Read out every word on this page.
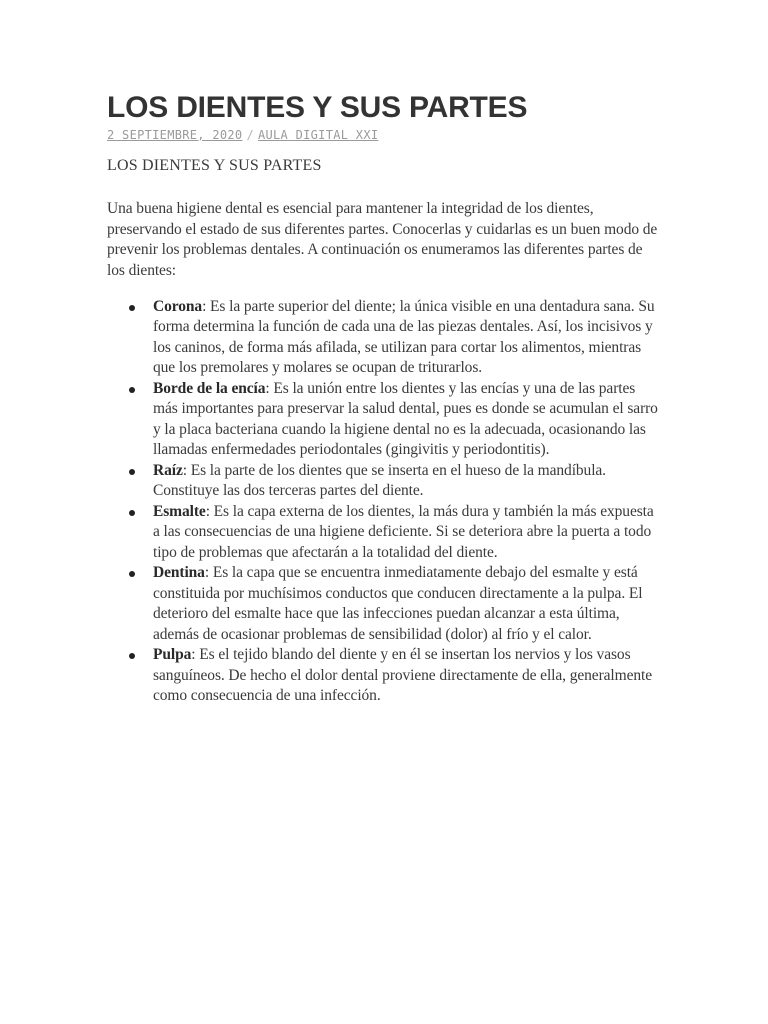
LOS DIENTES Y SUS PARTES
2 SEPTIEMBRE, 2020 / AULA DIGITAL XXI
LOS DIENTES Y SUS PARTES

Una buena higiene dental es esencial para mantener la integridad de los dientes, preservando el estado de sus diferentes partes. Conocerlas y cuidarlas es un buen modo de prevenir los problemas dentales. A continuación os enumeramos las diferentes partes de los dientes:

Corona: Es la parte superior del diente; la única visible en una dentadura sana. Su forma determina la función de cada una de las piezas dentales. Así, los incisivos y los caninos, de forma más afilada, se utilizan para cortar los alimentos, mientras que los premolares y molares se ocupan de triturarlos.
Borde de la encía: Es la unión entre los dientes y las encías y una de las partes más importantes para preservar la salud dental, pues es donde se acumulan el sarro y la placa bacteriana cuando la higiene dental no es la adecuada, ocasionando las llamadas enfermedades periodontales (gingivitis y periodontitis).
Raíz: Es la parte de los dientes que se inserta en el hueso de la mandíbula. Constituye las dos terceras partes del diente.
Esmalte: Es la capa externa de los dientes, la más dura y también la más expuesta a las consecuencias de una higiene deficiente. Si se deteriora abre la puerta a todo tipo de problemas que afectarán a la totalidad del diente.
Dentina: Es la capa que se encuentra inmediatamente debajo del esmalte y está constituida por muchísimos conductos que conducen directamente a la pulpa. El deterioro del esmalte hace que las infecciones puedan alcanzar a esta última, además de ocasionar problemas de sensibilidad (dolor) al frío y el calor.
Pulpa: Es el tejido blando del diente y en él se insertan los nervios y los vasos sanguíneos. De hecho el dolor dental proviene directamente de ella, generalmente como consecuencia de una infección.
